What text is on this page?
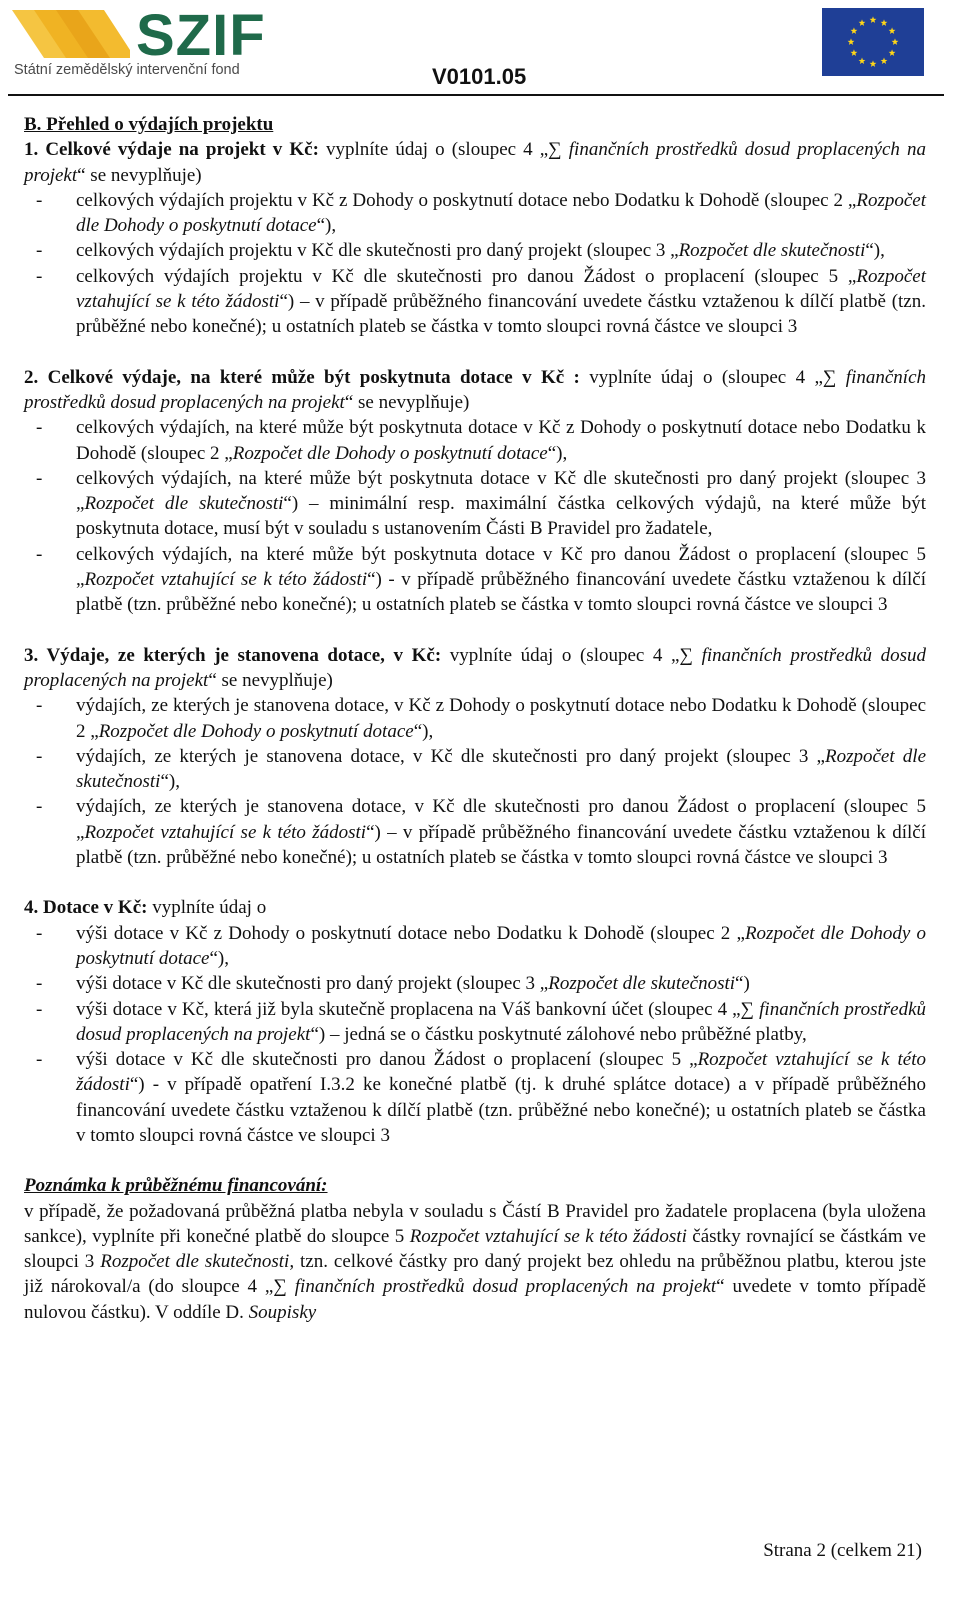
SZIF
Státní zemědělský intervenční fond	V0101.05

B. Přehled o výdajích projektu

1. Celkové výdaje na projekt v Kč: vyplníte údaj o (sloupec 4 „∑ finančních prostředků dosud proplacených na projekt“ se nevyplňuje)

- celkových výdajích projektu v Kč z Dohody o poskytnutí dotace nebo Dodatku k Dohodě (sloupec 2 „Rozpočet dle Dohody o poskytnutí dotace“),
- celkových výdajích projektu v Kč dle skutečnosti pro daný projekt (sloupec 3 „Rozpočet dle skutečnosti“),
- celkových výdajích projektu v Kč dle skutečnosti pro danou Žádost o proplacení (sloupec 5 „Rozpočet vztahující se k této žádosti“) – v případě průběžného financování uvedete částku vztaženou k dílčí platbě (tzn. průběžné nebo konečné); u ostatních plateb se částka v tomto sloupci rovná částce ve sloupci 3

2. Celkové výdaje, na které může být poskytnuta dotace v Kč : vyplníte údaj o (sloupec 4 „∑ finančních prostředků dosud proplacených na projekt“ se nevyplňuje)

- celkových výdajích, na které může být poskytnuta dotace v Kč z Dohody o poskytnutí dotace nebo Dodatku k Dohodě (sloupec 2 „Rozpočet dle Dohody o poskytnutí dotace“),
- celkových výdajích, na které může být poskytnuta dotace v Kč dle skutečnosti pro daný projekt (sloupec 3 „Rozpočet dle skutečnosti“) – minimální resp. maximální částka celkových výdajů, na které může být poskytnuta dotace, musí být v souladu s ustanovením Části B Pravidel pro žadatele,
- celkových výdajích, na které může být poskytnuta dotace v Kč pro danou Žádost o proplacení (sloupec 5 „Rozpočet vztahující se k této žádosti“) - v případě průběžného financování uvedete částku vztaženou k dílčí platbě (tzn. průběžné nebo konečné); u ostatních plateb se částka v tomto sloupci rovná částce ve sloupci 3

3. Výdaje, ze kterých je stanovena dotace, v Kč: vyplníte údaj o (sloupec 4 „∑ finančních prostředků dosud proplacených na projekt“ se nevyplňuje)

- výdajích, ze kterých je stanovena dotace, v Kč z Dohody o poskytnutí dotace nebo Dodatku k Dohodě (sloupec 2 „Rozpočet dle Dohody o poskytnutí dotace“),
- výdajích, ze kterých je stanovena dotace, v Kč dle skutečnosti pro daný projekt (sloupec 3 „Rozpočet dle skutečnosti“),
- výdajích, ze kterých je stanovena dotace, v Kč dle skutečnosti pro danou Žádost o proplacení (sloupec 5 „Rozpočet vztahující se k této žádosti“) – v případě průběžného financování uvedete částku vztaženou k dílčí platbě (tzn. průběžné nebo konečné); u ostatních plateb se částka v tomto sloupci rovná částce ve sloupci 3

4. Dotace v Kč: vyplníte údaj o

- výši dotace v Kč z Dohody o poskytnutí dotace nebo Dodatku k Dohodě (sloupec 2 „Rozpočet dle Dohody o poskytnutí dotace“),
- výši dotace v Kč dle skutečnosti pro daný projekt (sloupec 3 „Rozpočet dle skutečnosti“)
- výši dotace v Kč, která již byla skutečně proplacena na Váš bankovní účet (sloupec 4 „∑ finančních prostředků dosud proplacených na projekt“) – jedná se o částku poskytnuté zálohové nebo průběžné platby,
- výši dotace v Kč dle skutečnosti pro danou Žádost o proplacení (sloupec 5 „Rozpočet vztahující se k této žádosti“) - v případě opatření I.3.2 ke konečné platbě (tj. k druhé splátce dotace) a v případě průběžného financování uvedete částku vztaženou k dílčí platbě (tzn. průběžné nebo konečné); u ostatních plateb se částka v tomto sloupci rovná částce ve sloupci 3

Poznámka k průběžnému financování:

v případě, že požadovaná průběžná platba nebyla v souladu s Částí B Pravidel pro žadatele proplacena (byla uložena sankce), vyplníte při konečné platbě do sloupce 5 Rozpočet vztahující se k této žádosti částky rovnající se částkám ve sloupci 3 Rozpočet dle skutečnosti, tzn. celkové částky pro daný projekt bez ohledu na průběžnou platbu, kterou jste již nárokoval/a (do sloupce 4 „∑ finančních prostředků dosud proplacených na projekt“ uvedete v tomto případě nulovou částku). V oddíle D. Soupisky

Strana 2 (celkem 21)
